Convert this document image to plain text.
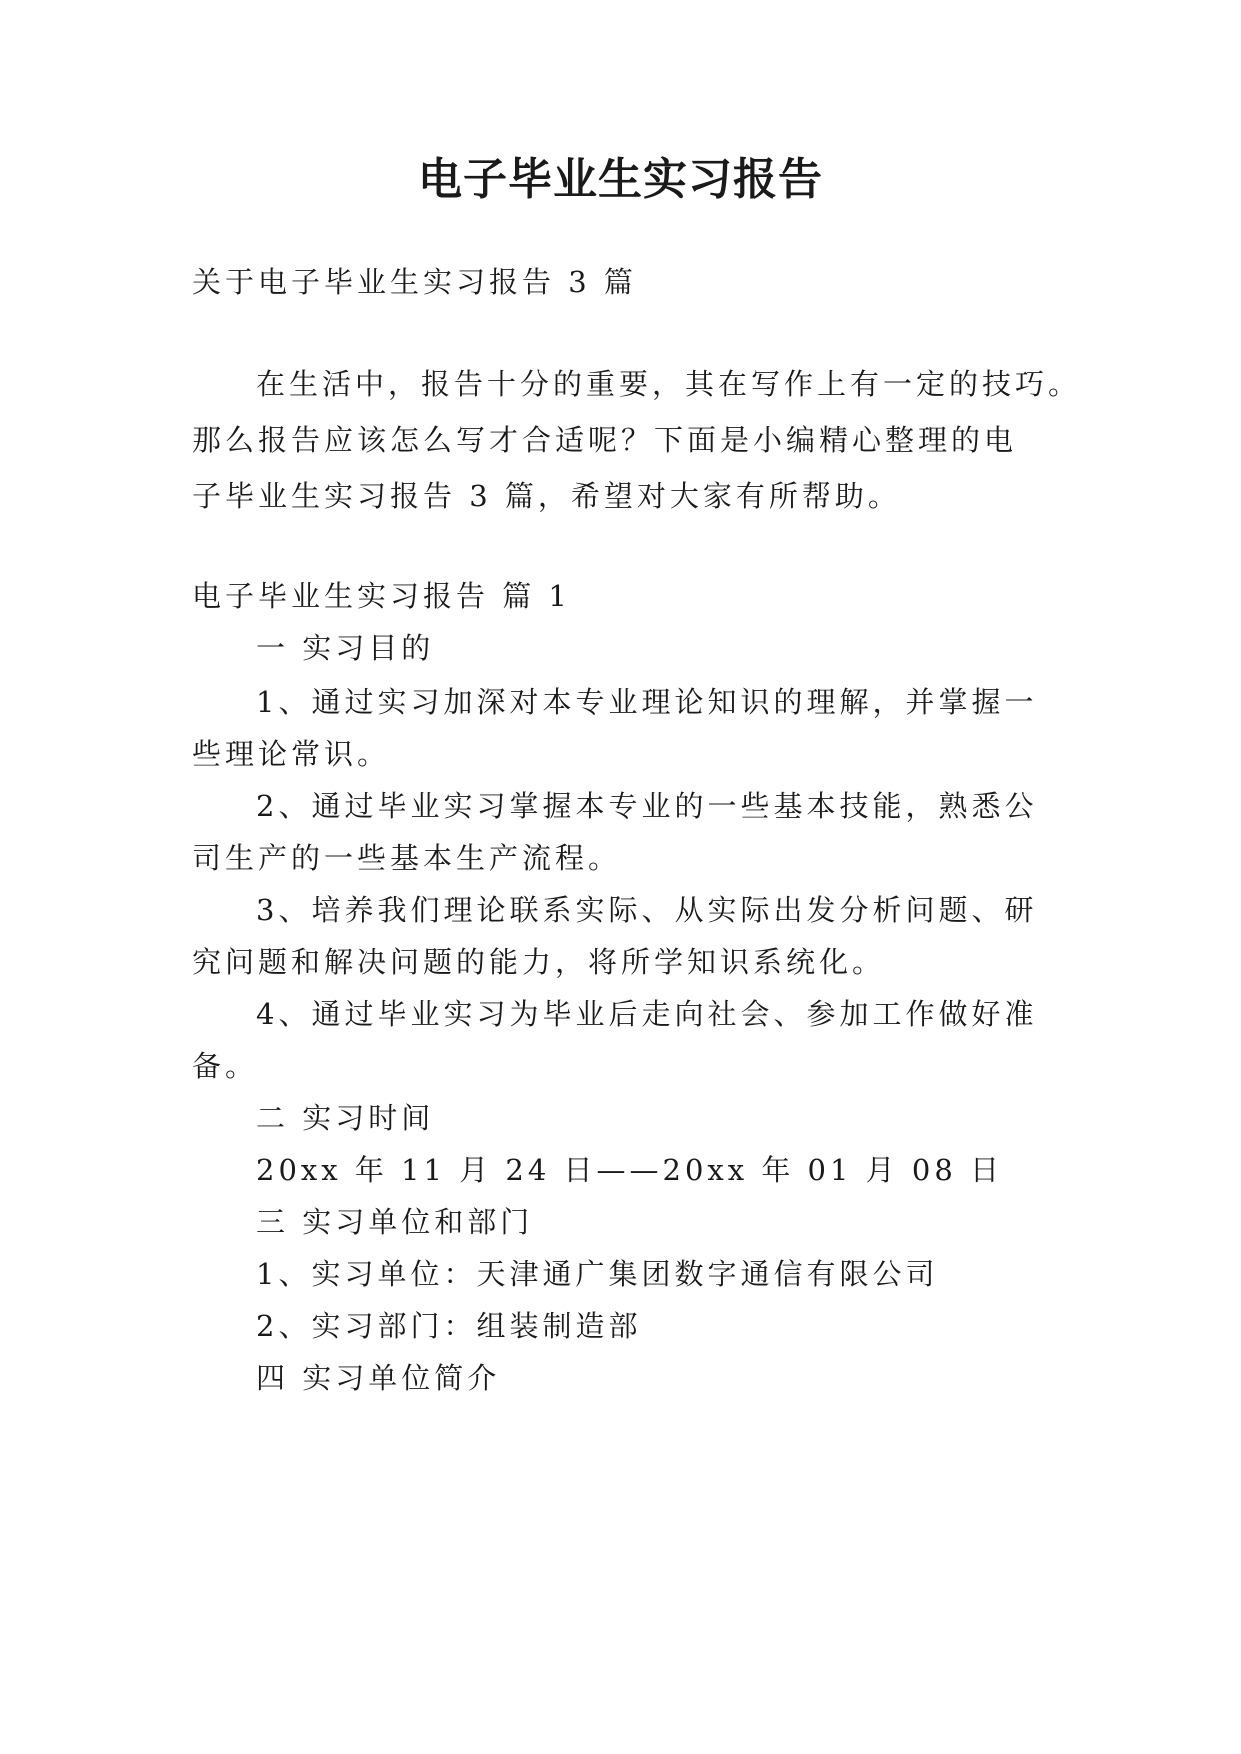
电子毕业生实习报告
关于电子毕业生实习报告 3 篇
在生活中，报告十分的重要，其在写作上有一定的技巧。
那么报告应该怎么写才合适呢？下面是小编精心整理的电
子毕业生实习报告 3 篇，希望对大家有所帮助。
电子毕业生实习报告 篇 1
一 实习目的
1、通过实习加深对本专业理论知识的理解，并掌握一
些理论常识。
2、通过毕业实习掌握本专业的一些基本技能，熟悉公
司生产的一些基本生产流程。
3、培养我们理论联系实际、从实际出发分析问题、研
究问题和解决问题的能力，将所学知识系统化。
4、通过毕业实习为毕业后走向社会、参加工作做好准
备。
二 实习时间
20xx 年 11 月 24 日——20xx 年 01 月 08 日
三 实习单位和部门
1、实习单位：天津通广集团数字通信有限公司
2、实习部门：组装制造部
四 实习单位简介
